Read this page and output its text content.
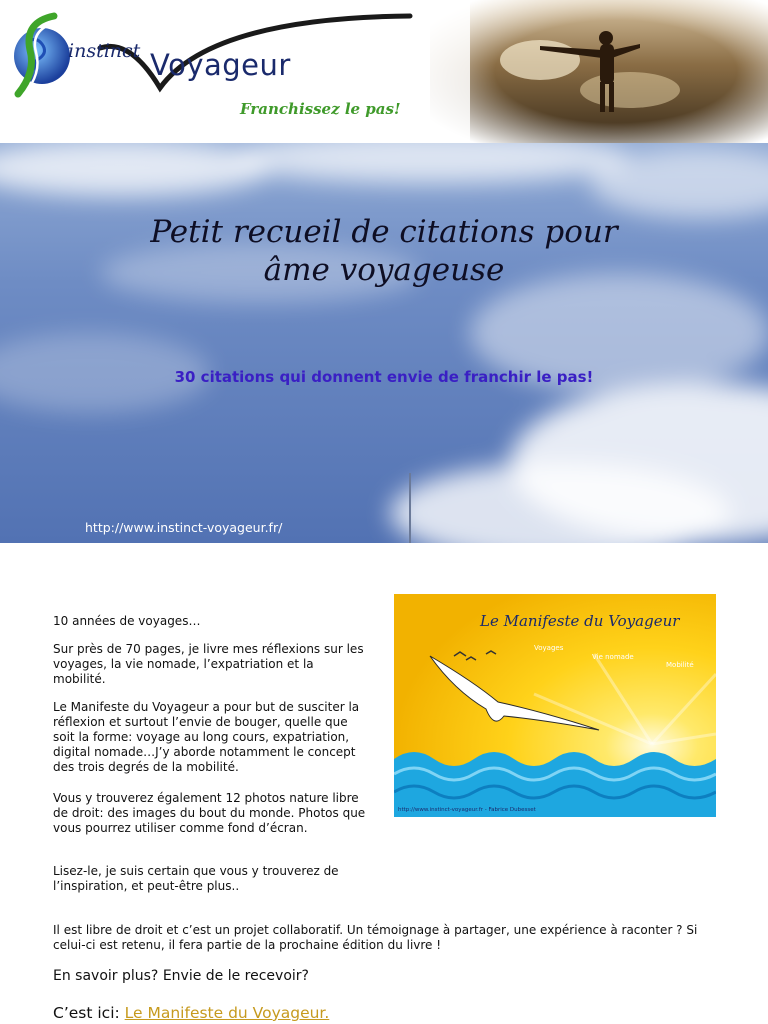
instinct Voyageur
Franchissez le pas!
Petit recueil de citations pour
âme voyageuse
30 citations qui donnent envie de franchir le pas!
http://www.instinct-voyageur.fr/

10 années de voyages…

Sur près de 70 pages, je livre mes réflexions sur les voyages, la vie nomade, l’expatriation et la mobilité.

Le Manifeste du Voyageur a pour but de susciter la réflexion et surtout l’envie de bouger, quelle que soit la forme: voyage au long cours, expatriation, digital nomade…J’y aborde notamment le concept des trois degrés de la mobilité.

Vous y trouverez également 12 photos nature libre de droit: des images du bout du monde. Photos que vous pourrez utiliser comme fond d’écran.

Lisez-le, je suis certain que vous y trouverez de l’inspiration, et peut-être plus..

Le Manifeste du Voyageur
Voyages
Vie nomade
Mobilité
http://www.instinct-voyageur.fr - Fabrice Dubesset

Il est libre de droit et c’est un projet collaboratif. Un témoignage à partager, une expérience à raconter ? Si celui-ci est retenu, il fera partie de la prochaine édition du livre !

En savoir plus? Envie de le recevoir?
C’est ici: Le Manifeste du Voyageur.
